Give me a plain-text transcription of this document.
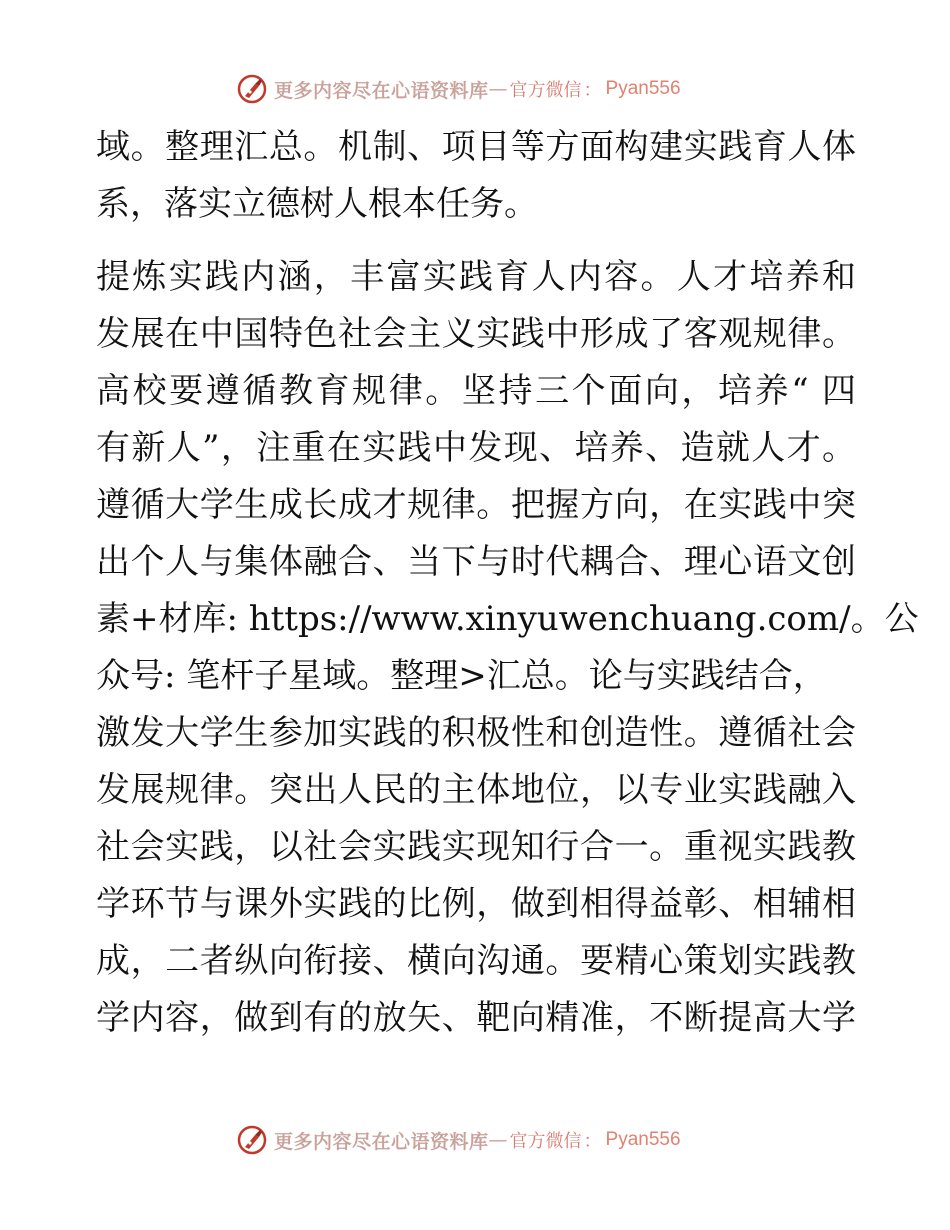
更多内容尽在心语资料库 — 官方微信 ： Pyan556
域。整理汇总。机制、项目等方面构建实践育人体
系，落实立德树人根本任务。
提炼实践内涵，丰富实践育人内容。人才培养和
发展在中国特色社会主义实践中形成了客观规律。
高校要遵循教育规律。坚持三个面向，培养“ 四
有新人”，注重在实践中发现、培养、造就人才。
遵循大学生成长成才规律。把握方向，在实践中突
出个人与集体融合、当下与时代耦合、理心语文创
素+材库: https://www.xinyuwenchuang.com/。公
众号: 笔杆子星域。整理>汇总。论与实践结合，
激发大学生参加实践的积极性和创造性。遵循社会
发展规律。突出人民的主体地位，以专业实践融入
社会实践，以社会实践实现知行合一。重视实践教
学环节与课外实践的比例，做到相得益彰、相辅相
成，二者纵向衔接、横向沟通。要精心策划实践教
学内容，做到有的放矢、靶向精准，不断提高大学
更多内容尽在心语资料库 — 官方微信 ： Pyan556
